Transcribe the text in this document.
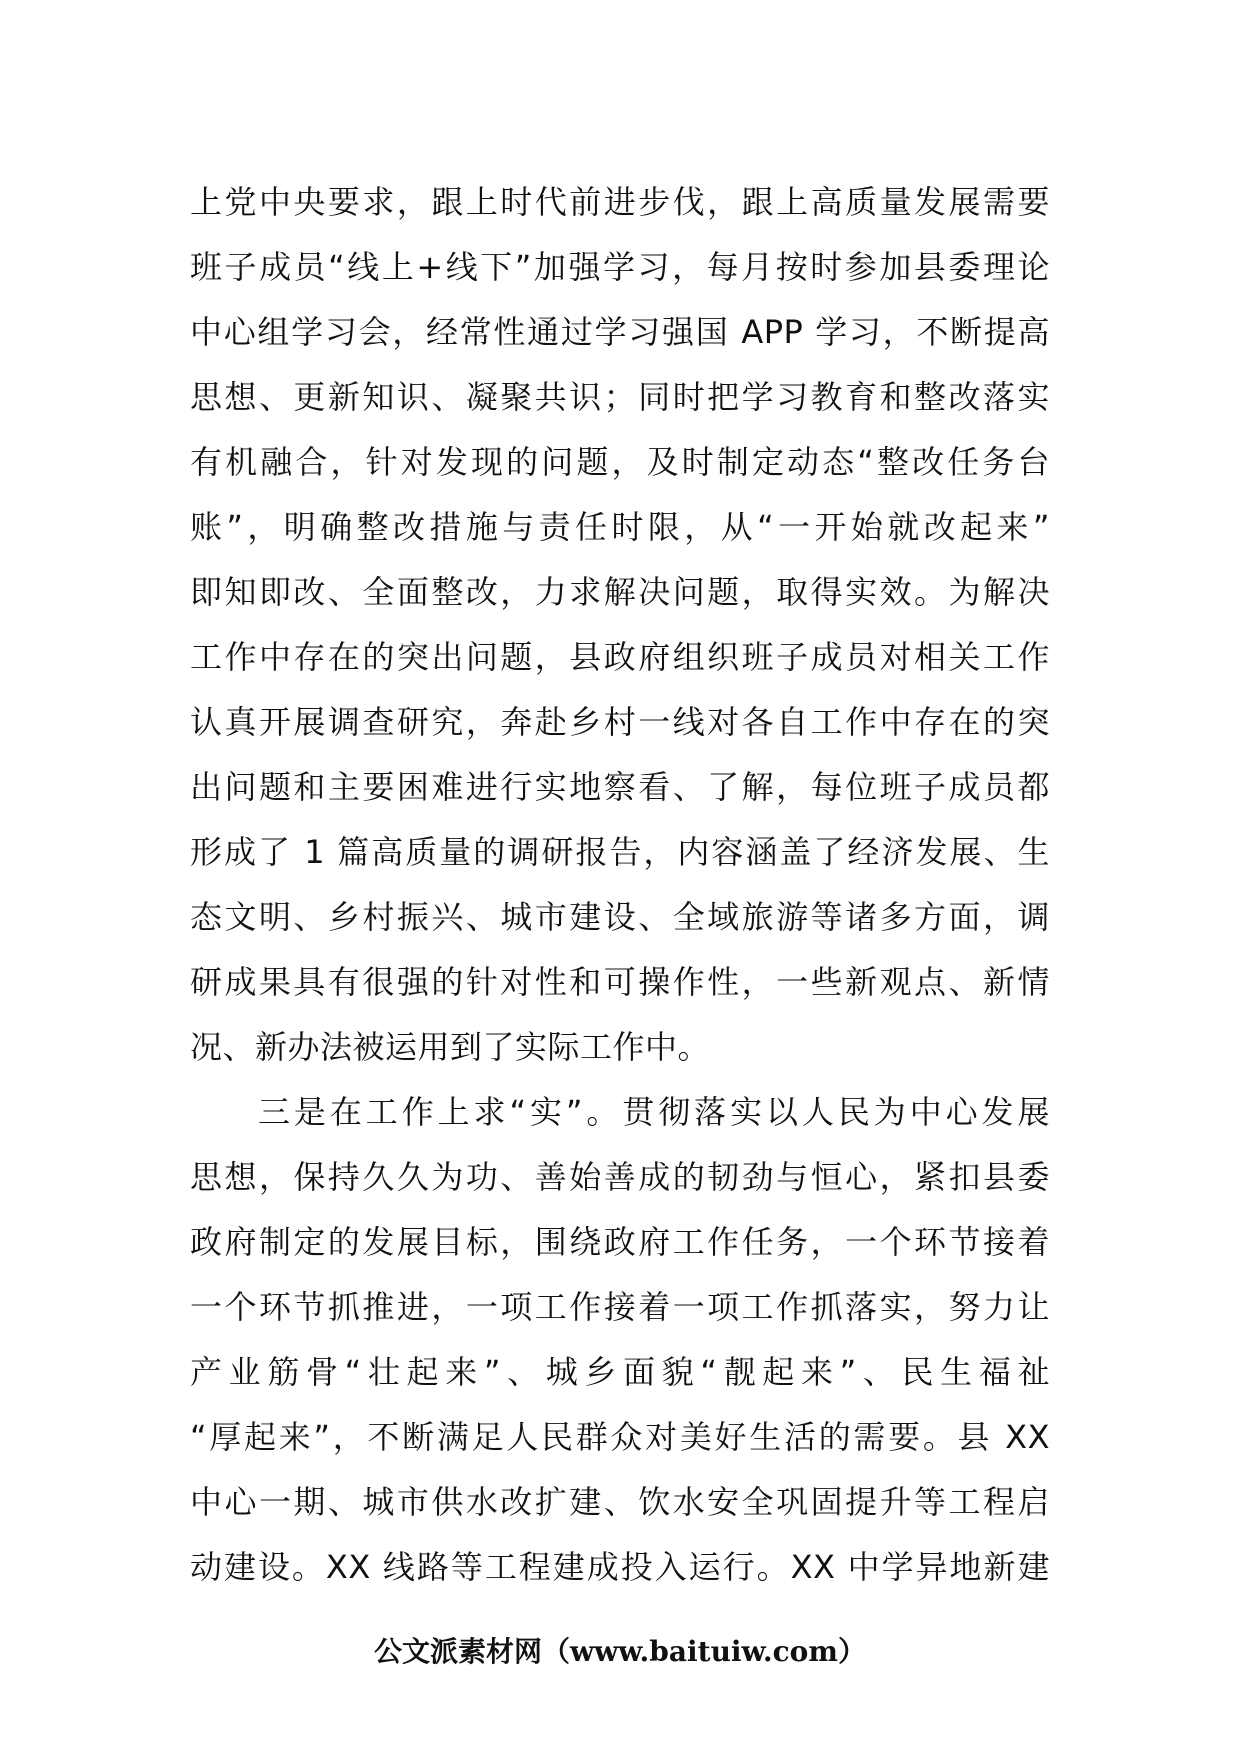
上党中央要求，跟上时代前进步伐，跟上高质量发展需要
班子成员“线上+线下”加强学习，每月按时参加县委理论
中心组学习会，经常性通过学习强国 APP 学习，不断提高
思想、更新知识、凝聚共识；同时把学习教育和整改落实
有机融合，针对发现的问题，及时制定动态“整改任务台
账”，明确整改措施与责任时限，从“一开始就改起来”
即知即改、全面整改，力求解决问题，取得实效。为解决
工作中存在的突出问题，县政府组织班子成员对相关工作
认真开展调查研究，奔赴乡村一线对各自工作中存在的突
出问题和主要困难进行实地察看、了解，每位班子成员都
形成了 1 篇高质量的调研报告，内容涵盖了经济发展、生
态文明、乡村振兴、城市建设、全域旅游等诸多方面，调
研成果具有很强的针对性和可操作性，一些新观点、新情
况、新办法被运用到了实际工作中。
三是在工作上求“实”。贯彻落实以人民为中心发展
思想，保持久久为功、善始善成的韧劲与恒心，紧扣县委
政府制定的发展目标，围绕政府工作任务，一个环节接着
一个环节抓推进，一项工作接着一项工作抓落实，努力让
产业筋骨“壮起来”、城乡面貌“靓起来”、民生福祉
“厚起来”，不断满足人民群众对美好生活的需要。县 XX
中心一期、城市供水改扩建、饮水安全巩固提升等工程启
动建设。XX 线路等工程建成投入运行。XX 中学异地新建
公文派素材网（www.baituiw.com）
